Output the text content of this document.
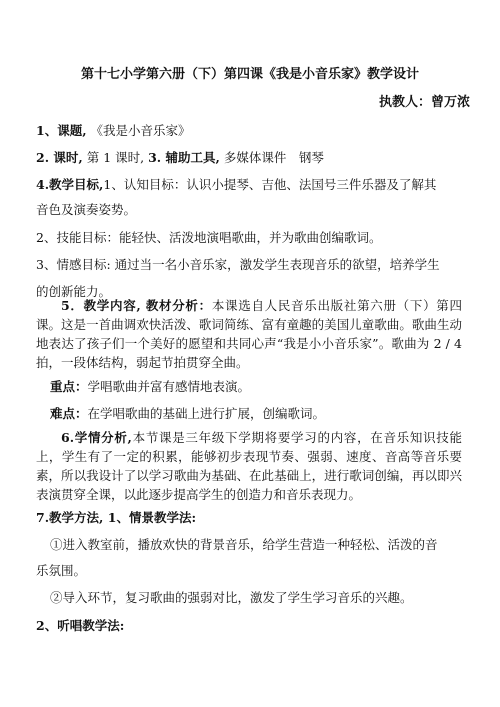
第十七小学第六册（下）第四课《我是小音乐家》教学设计
执教人：曾万浓
1、课题, 《我是小音乐家》
2. 课时, 第 1 课时, 3. 辅助工具, 多媒体课件　钢琴
4.教学目标,1、认知目标：认识小提琴、吉他、法国号三件乐器及了解其
音色及演奏姿势。
2、技能目标：能轻快、活泼地演唱歌曲，并为歌曲创编歌词。
3、情感目标: 通过当一名小音乐家，激发学生表现音乐的欲望，培养学生
的创新能力。
5．教学内容, 教材分析：本课选自人民音乐出版社第六册（下）第四课。这是一首曲调欢快活泼、歌词简练、富有童趣的美国儿童歌曲。歌曲生动地表达了孩子们一个美好的愿望和共同心声“我是小小音乐家”。歌曲为 2 / 4 拍，一段体结构，弱起节拍贯穿全曲。
重点：学唱歌曲并富有感情地表演。
难点：在学唱歌曲的基础上进行扩展，创编歌词。
6.学情分析,本节课是三年级下学期将要学习的内容，在音乐知识技能上，学生有了一定的积累，能够初步表现节奏、强弱、速度、音高等音乐要素，所以我设计了以学习歌曲为基础、在此基础上，进行歌词创编，再以即兴表演贯穿全课，以此逐步提高学生的创造力和音乐表现力。
7.教学方法, 1、情景教学法:
①进入教室前，播放欢快的背景音乐，给学生营造一种轻松、活泼的音
乐氛围。
②导入环节，复习歌曲的强弱对比，激发了学生学习音乐的兴趣。
2、听唱教学法:
